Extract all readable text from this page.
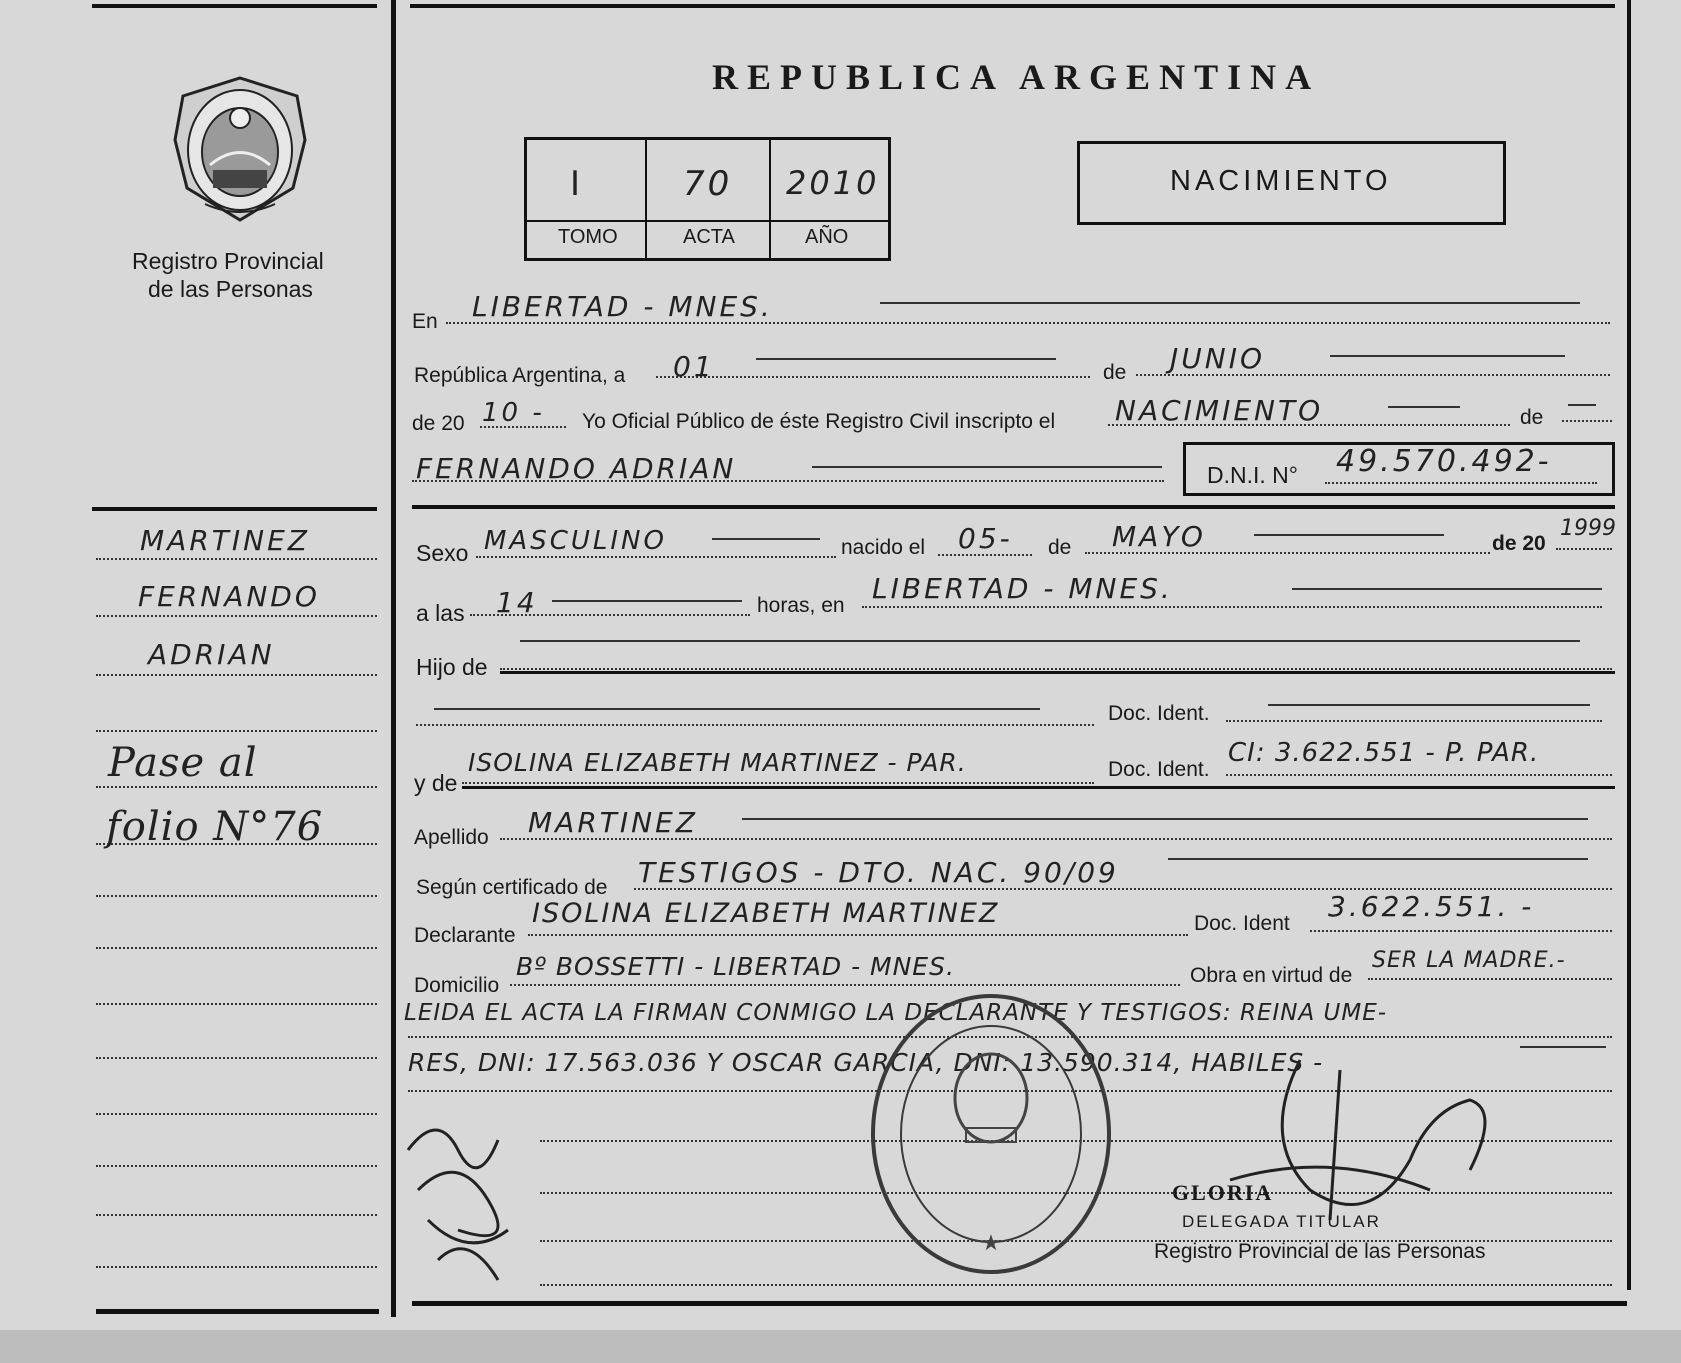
Registro Provincial
de las Personas
REPUBLICA ARGENTINA
I	70 2010
TOMO	ACTA	AÑO
NACIMIENTO
MARTINEZ
FERNANDO
ADRIAN
Pase al
folio N°76
En LIBERTAD - MNES.
República Argentina, a 01	de JUNIO
de 20 10 - Yo Oficial Público de éste Registro Civil inscripto el NACIMIENTO	de
FERNANDO ADRIAN	D.N.I. N° 49.570.492-
Sexo MASCULINO	nacido el 05- de MAYO	de 20
1999
a las 14	horas, en
LIBERTAD - MNES.
Hijo de
Doc. Ident.
y de
ISOLINA ELIZABETH MARTINEZ - PAR.	Doc. Ident.
CI: 3.622.551 - P. PAR.
Apellido MARTINEZ
Según certificado de TESTIGOS - DTO. NAC. 90/09
Declarante
ISOLINA ELIZABETH MARTINEZ	Doc. Ident
3.622.551. -
Domicilio
Bº BOSSETTI - LIBERTAD - MNES.	Obra en virtud de
SER LA MADRE.-
LEIDA EL ACTA LA FIRMAN CONMIGO LA DECLARANTE Y TESTIGOS: REINA UME-
RES, DNI: 17.563.036 Y OSCAR GARCIA, DNI: 13.590.314, HABILES -
★
GLORIA
DELEGADA TITULAR
Registro Provincial de las Personas
